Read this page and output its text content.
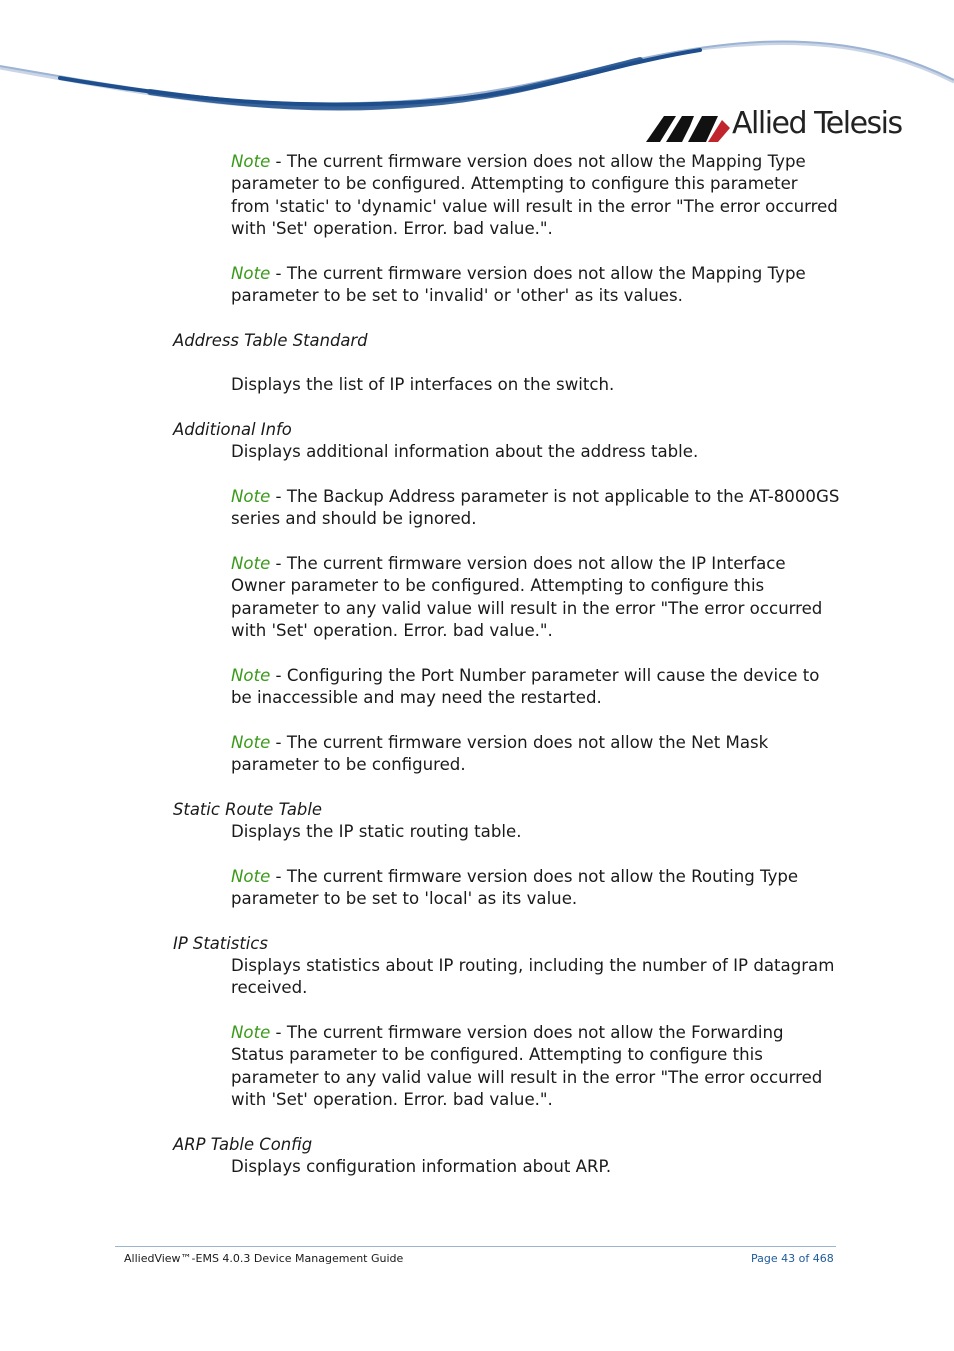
Allied Telesis
Note - The current firmware version does not allow the Mapping Type parameter to be configured. Attempting to configure this parameter from 'static' to 'dynamic' value will result in the error "The error occurred with 'Set' operation. Error. bad value.".
Note - The current firmware version does not allow the Mapping Type parameter to be set to 'invalid' or 'other' as its values.
Address Table Standard
Displays the list of IP interfaces on the switch.
Additional Info
Displays additional information about the address table.
Note - The Backup Address parameter is not applicable to the AT-8000GS series and should be ignored.
Note - The current firmware version does not allow the IP Interface Owner parameter to be configured. Attempting to configure this parameter to any valid value will result in the error "The error occurred with 'Set' operation. Error. bad value.".
Note - Configuring the Port Number parameter will cause the device to be inaccessible and may need the restarted.
Note - The current firmware version does not allow the Net Mask parameter to be configured.
Static Route Table
Displays the IP static routing table.
Note - The current firmware version does not allow the Routing Type parameter to be set to 'local' as its value.
IP Statistics
Displays statistics about IP routing, including the number of IP datagram received.
Note - The current firmware version does not allow the Forwarding Status parameter to be configured. Attempting to configure this parameter to any valid value will result in the error "The error occurred with 'Set' operation. Error. bad value.".
ARP Table Config
Displays configuration information about ARP.
AlliedView™-EMS 4.0.3 Device Management Guide	Page 43 of 468
